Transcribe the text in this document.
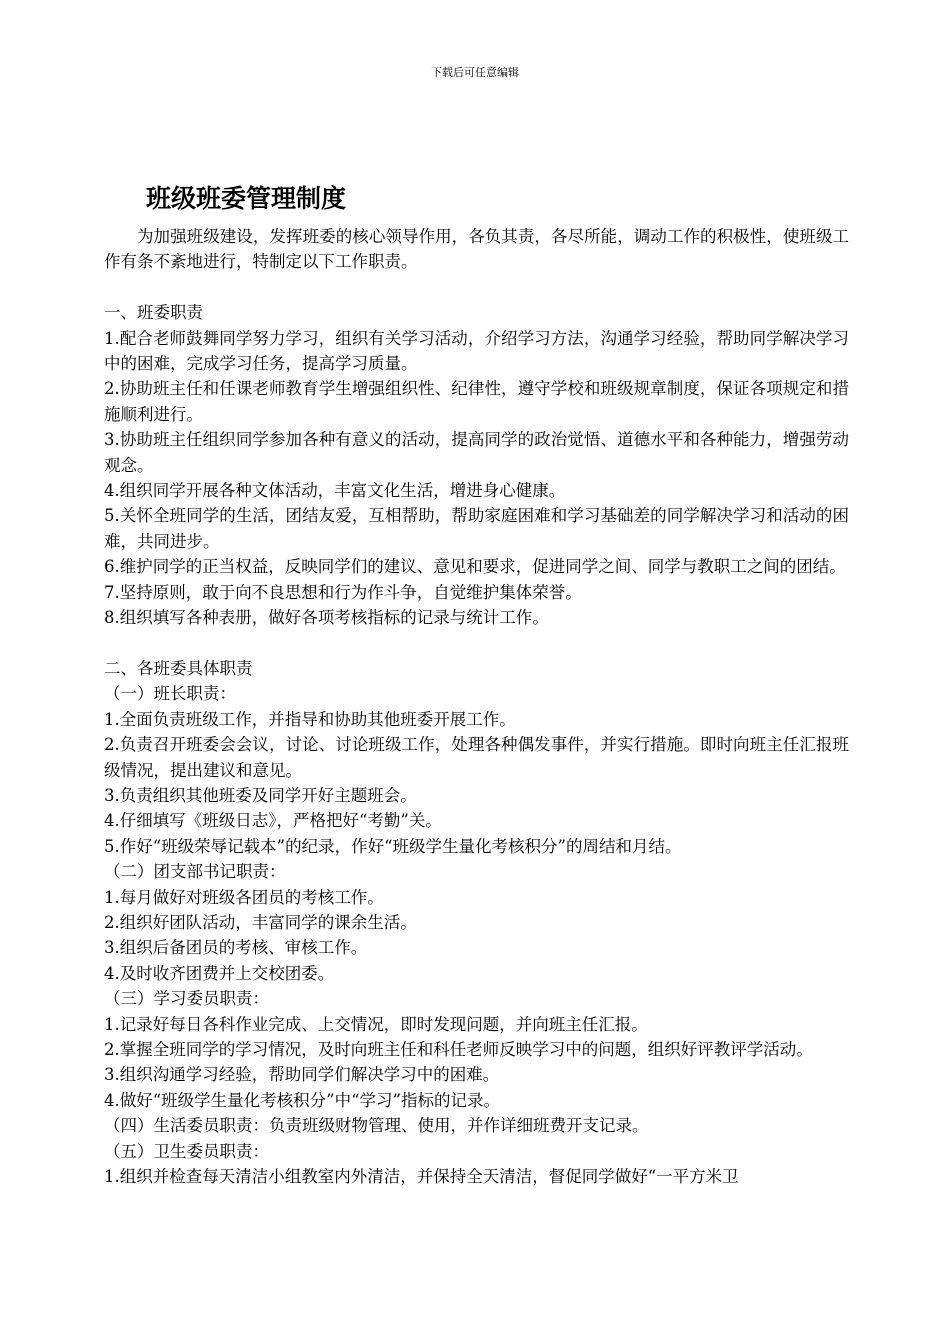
下载后可任意编辑
班级班委管理制度

为加强班级建设，发挥班委的核心领导作用，各负其责，各尽所能，调动工作的积极性，使班级工作有条不紊地进行，特制定以下工作职责。

一、班委职责

1.配合老师鼓舞同学努力学习，组织有关学习活动，介绍学习方法，沟通学习经验，帮助同学解决学习中的困难，完成学习任务，提高学习质量。

2.协助班主任和任课老师教育学生增强组织性、纪律性，遵守学校和班级规章制度，保证各项规定和措施顺利进行。

3.协助班主任组织同学参加各种有意义的活动，提高同学的政治觉悟、道德水平和各种能力，增强劳动观念。

4.组织同学开展各种文体活动，丰富文化生活，增进身心健康。

5.关怀全班同学的生活，团结友爱，互相帮助，帮助家庭困难和学习基础差的同学解决学习和活动的困难，共同进步。

6.维护同学的正当权益，反映同学们的建议、意见和要求，促进同学之间、同学与教职工之间的团结。

7.坚持原则，敢于向不良思想和行为作斗争，自觉维护集体荣誉。

8.组织填写各种表册，做好各项考核指标的记录与统计工作。

二、各班委具体职责

（一）班长职责：

1.全面负责班级工作，并指导和协助其他班委开展工作。

2.负责召开班委会会议，讨论、讨论班级工作，处理各种偶发事件，并实行措施。即时向班主任汇报班级情况，提出建议和意见。

3.负责组织其他班委及同学开好主题班会。

4.仔细填写《班级日志》，严格把好“考勤”关。

5.作好“班级荣辱记载本”的纪录，作好“班级学生量化考核积分”的周结和月结。

（二）团支部书记职责：

1.每月做好对班级各团员的考核工作。

2.组织好团队活动，丰富同学的课余生活。

3.组织后备团员的考核、审核工作。

4.及时收齐团费并上交校团委。

（三）学习委员职责：

1.记录好每日各科作业完成、上交情况，即时发现问题，并向班主任汇报。

2.掌握全班同学的学习情况，及时向班主任和科任老师反映学习中的问题，组织好评教评学活动。

3.组织沟通学习经验，帮助同学们解决学习中的困难。

4.做好“班级学生量化考核积分”中“学习”指标的记录。

（四）生活委员职责：负责班级财物管理、使用，并作详细班费开支记录。

（五）卫生委员职责：

1.组织并检查每天清洁小组教室内外清洁，并保持全天清洁，督促同学做好“一平方米卫
